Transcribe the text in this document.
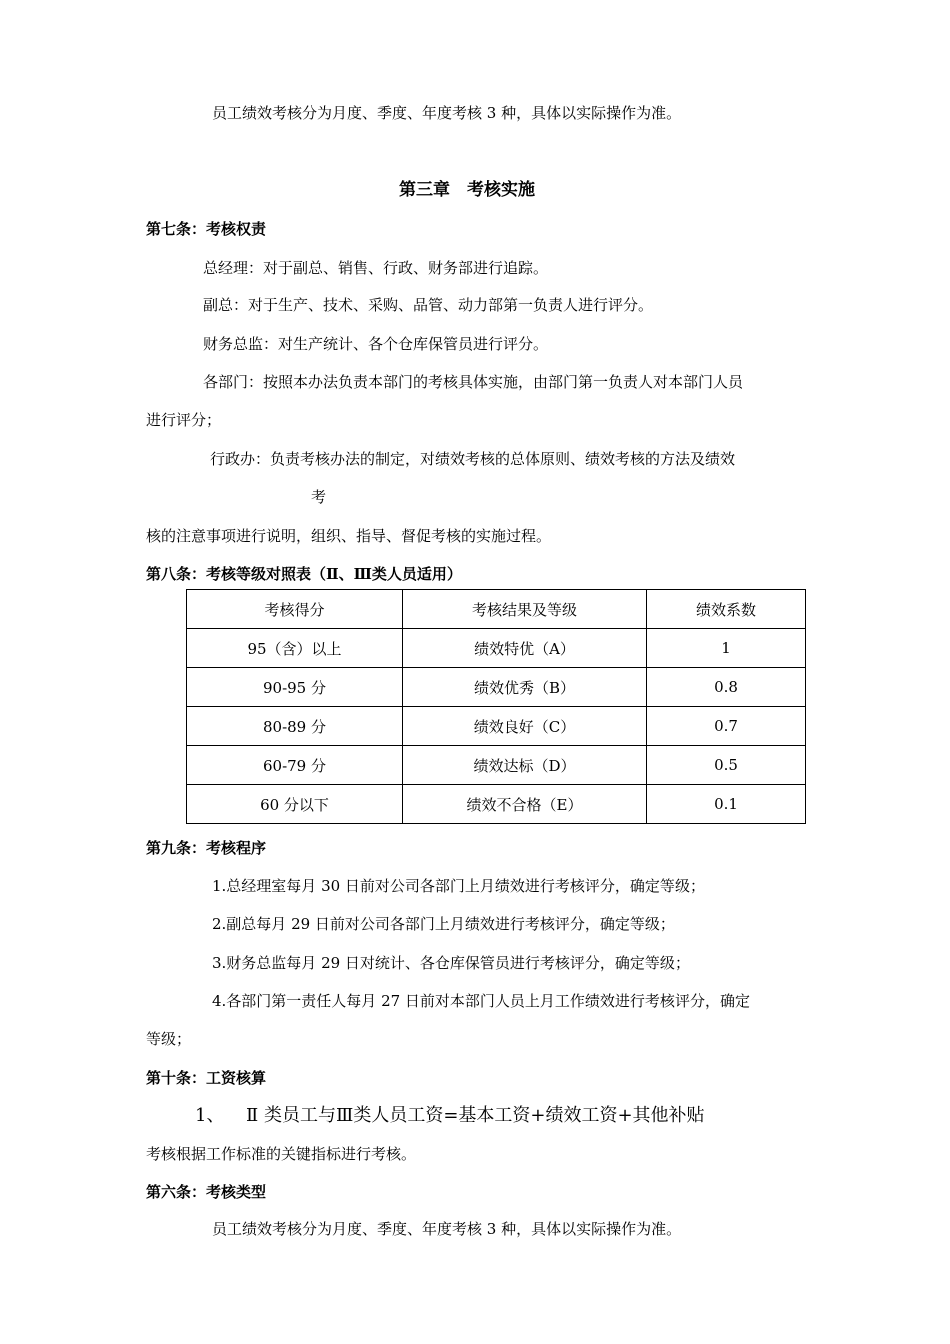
员工绩效考核分为月度、季度、年度考核 3 种，具体以实际操作为准。
第三章　考核实施
第七条：考核权责
总经理：对于副总、销售、行政、财务部进行追踪。
副总：对于生产、技术、采购、品管、动力部第一负责人进行评分。
财务总监：对生产统计、各个仓库保管员进行评分。
各部门：按照本办法负责本部门的考核具体实施，由部门第一负责人对本部门人员
进行评分；
行政办：负责考核办法的制定，对绩效考核的总体原则、绩效考核的方法及绩效
考
核的注意事项进行说明，组织、指导、督促考核的实施过程。
第八条：考核等级对照表（Ⅱ、Ⅲ类人员适用）
考核得分	考核结果及等级	绩效系数
95（含）以上	绩效特优（A）	1
90-95 分	绩效优秀（B）	0.8
80-89 分	绩效良好（C）	0.7
60-79 分	绩效达标（D）	0.5
60 分以下	绩效不合格（E）	0.1
第九条：考核程序
1.总经理室每月 30 日前对公司各部门上月绩效进行考核评分，确定等级；
2.副总每月 29 日前对公司各部门上月绩效进行考核评分，确定等级；
3.财务总监每月 29 日对统计、各仓库保管员进行考核评分，确定等级；
4.各部门第一责任人每月 27 日前对本部门人员上月工作绩效进行考核评分，确定
等级；
第十条：工资核算
1、 Ⅱ 类员工与Ⅲ类人员工资=基本工资+绩效工资+其他补贴
考核根据工作标准的关键指标进行考核。
第六条：考核类型
员工绩效考核分为月度、季度、年度考核 3 种，具体以实际操作为准。
